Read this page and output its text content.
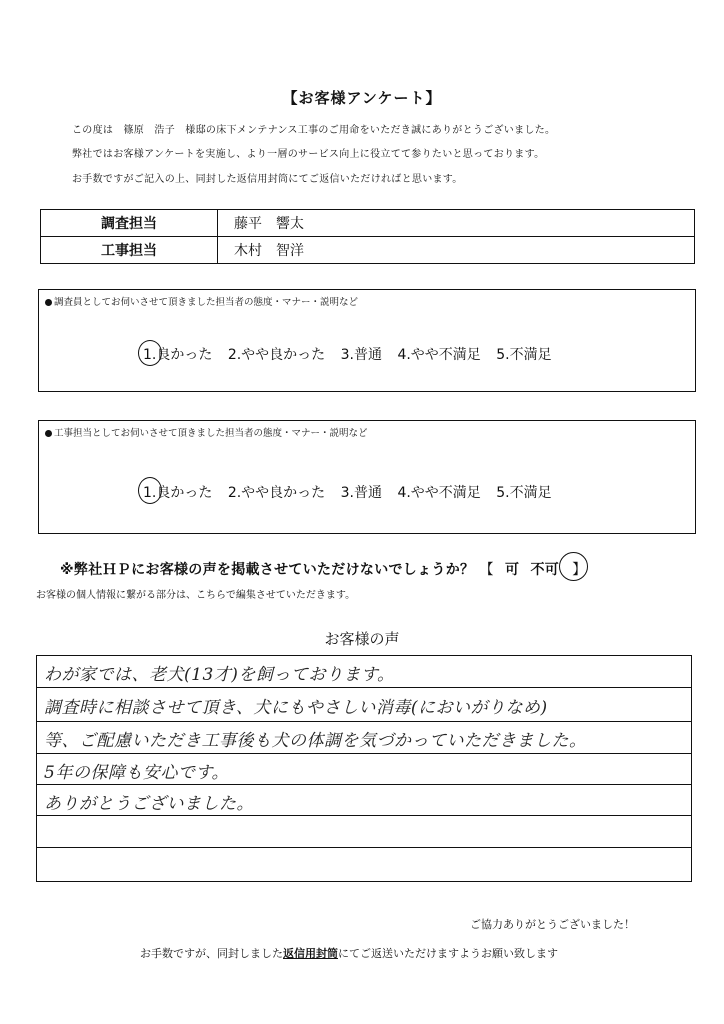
【お客様アンケート】
この度は　篠原　浩子　様邸の床下メンテナンス工事のご用命をいただき誠にありがとうございました。
弊社ではお客様アンケートを実施し、より一層のサービス向上に役立てて参りたいと思っております。
お手数ですがご記入の上、同封した返信用封筒にてご返信いただければと思います。
調査担当	藤平　響太
工事担当	木村　智洋
調査員としてお伺いさせて頂きました担当者の態度・マナー・説明など
1.良かった 2.やや良かった 3.普通 4.やや不満足 5.不満足
工事担当としてお伺いさせて頂きました担当者の態度・マナー・説明など
1.良かった 2.やや良かった 3.普通 4.やや不満足 5.不満足
※弊社ＨＰにお客様の声を掲載させていただけないでしょうか？ 【 可 不可 】
お客様の個人情報に繋がる部分は、こちらで編集させていただきます。
お客様の声
わが家では、老犬(13才)を飼っております。
調査時に相談させて頂き、犬にもやさしい消毒(においがりなめ)
等、ご配慮いただき工事後も犬の体調を気づかっていただきました。
5年の保障も安心です。
ありがとうございました。
ご協力ありがとうございました！
お手数ですが、同封しました返信用封筒にてご返送いただけますようお願い致します
